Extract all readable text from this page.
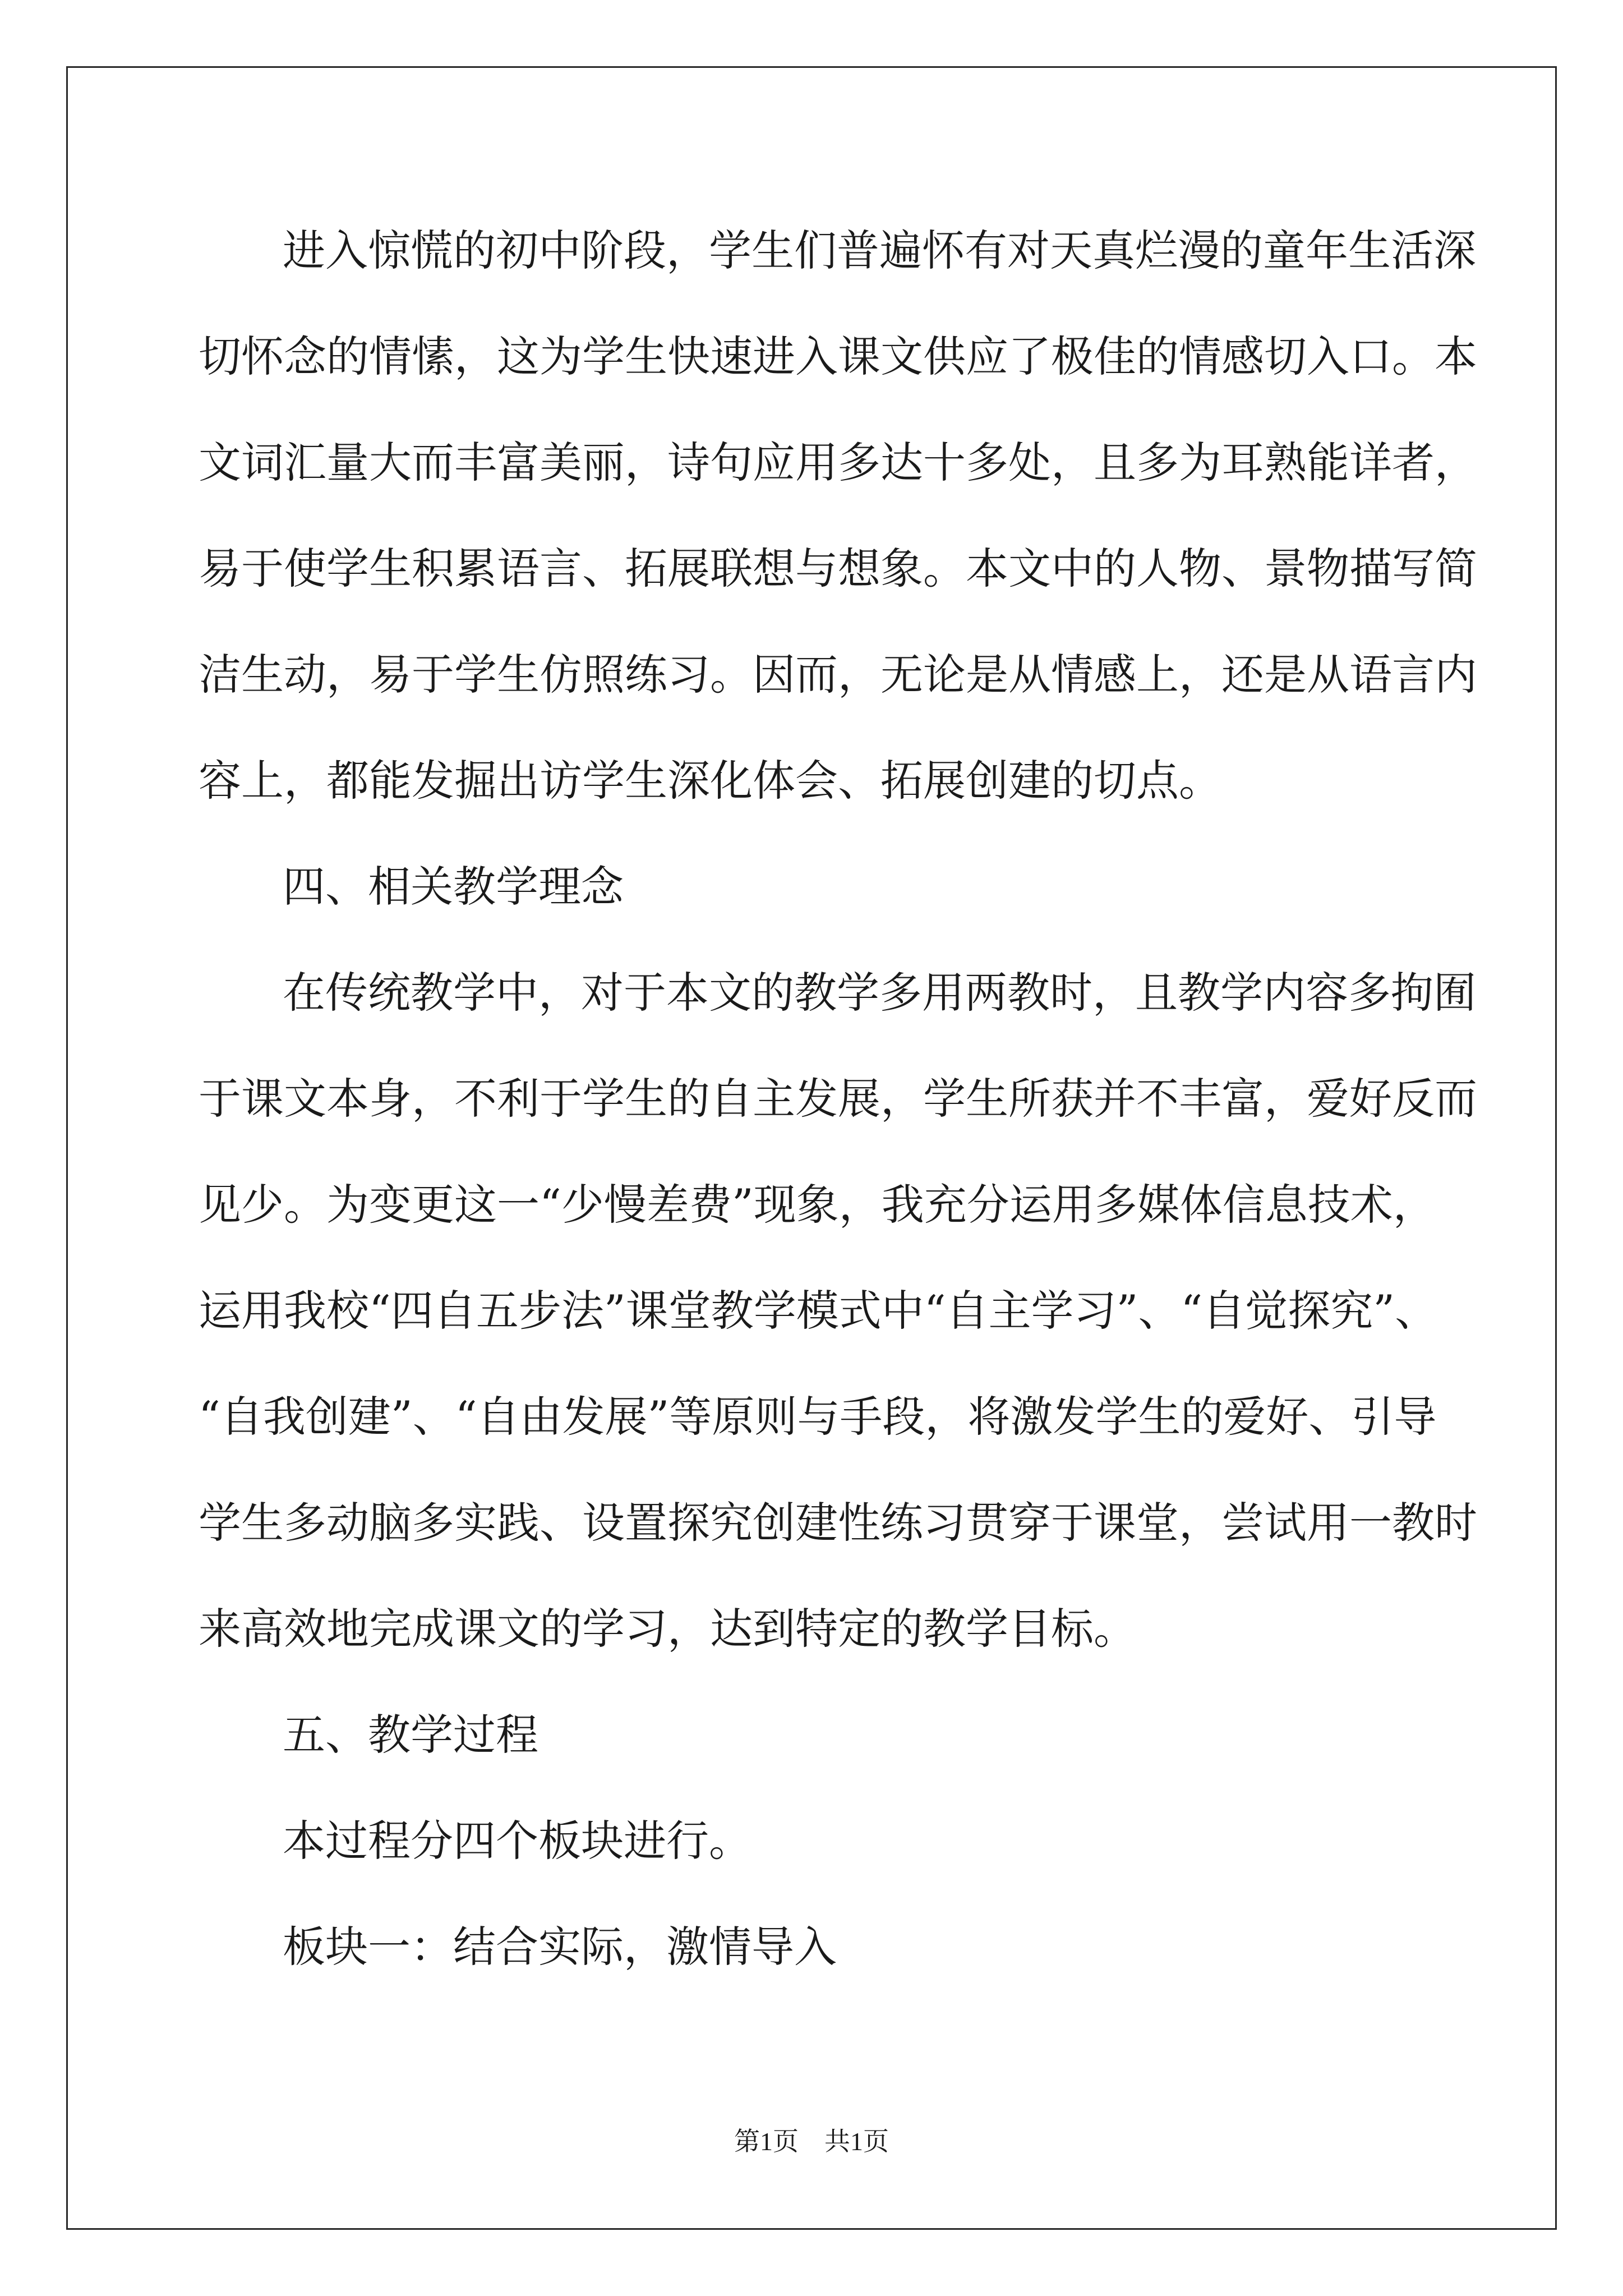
进入惊慌的初中阶段，学生们普遍怀有对天真烂漫的童年生活深
切怀念的情愫，这为学生快速进入课文供应了极佳的情感切入口。本
文词汇量大而丰富美丽，诗句应用多达十多处，且多为耳熟能详者，
易于使学生积累语言、拓展联想与想象。本文中的人物、景物描写简
洁生动，易于学生仿照练习。因而，无论是从情感上，还是从语言内
容上，都能发掘出访学生深化体会、拓展创建的切点。
四、相关教学理念
在传统教学中，对于本文的教学多用两教时，且教学内容多拘囿
于课文本身，不利于学生的自主发展，学生所获并不丰富，爱好反而
见少。为变更这一“少慢差费”现象，我充分运用多媒体信息技术，
运用我校“四自五步法”课堂教学模式中“自主学习”、“自觉探究”、
“自我创建”、“自由发展”等原则与手段，将激发学生的爱好、引导
学生多动脑多实践、设置探究创建性练习贯穿于课堂，尝试用一教时
来高效地完成课文的学习，达到特定的教学目标。
五、教学过程
本过程分四个板块进行。
板块一：结合实际，激情导入
第1页　共1页
